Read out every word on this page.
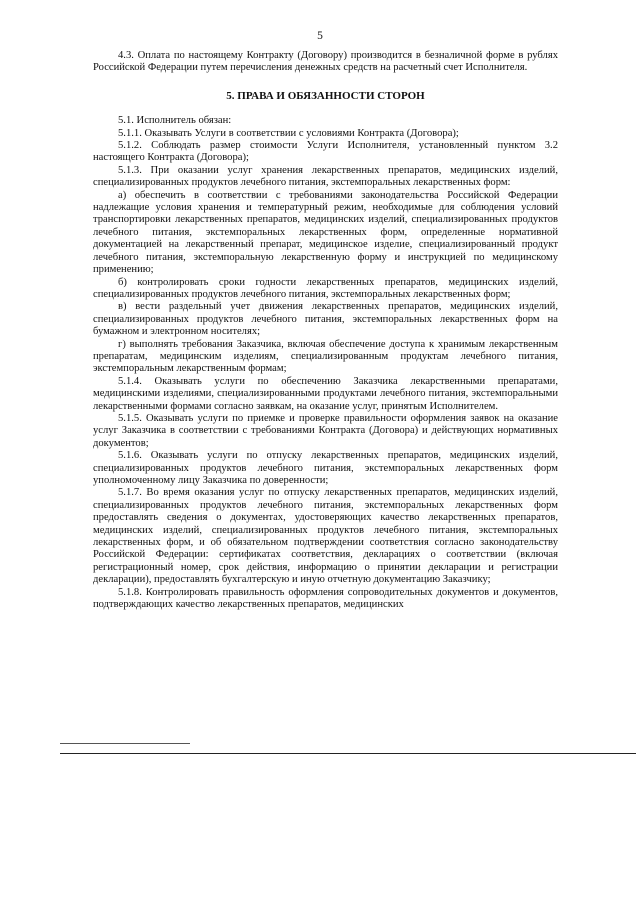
5

4.3. Оплата по настоящему Контракту (Договору) производится в безналичной форме в рублях Российской Федерации путем перечисления денежных средств на расчетный счет Исполнителя.

5. ПРАВА И ОБЯЗАННОСТИ СТОРОН

5.1. Исполнитель обязан:

5.1.1. Оказывать Услуги в соответствии с условиями Контракта (Договора);

5.1.2. Соблюдать размер стоимости Услуги Исполнителя, установленный пунктом 3.2 настоящего Контракта (Договора);

5.1.3. При оказании услуг хранения лекарственных препаратов, медицинских изделий, специализированных продуктов лечебного питания, экстемпоральных лекарственных форм:

а) обеспечить в соответствии с требованиями законодательства Российской Федерации надлежащие условия хранения и температурный режим, необходимые для соблюдения условий транспортировки лекарственных препаратов, медицинских изделий, специализированных продуктов лечебного питания, экстемпоральных лекарственных форм, определенные нормативной документацией на лекарственный препарат, медицинское изделие, специализированный продукт лечебного питания, экстемпоральную лекарственную форму и инструкцией по медицинскому применению;

б) контролировать сроки годности лекарственных препаратов, медицинских изделий, специализированных продуктов лечебного питания, экстемпоральных лекарственных форм;

в) вести раздельный учет движения лекарственных препаратов, медицинских изделий, специализированных продуктов лечебного питания, экстемпоральных лекарственных форм на бумажном и электронном носителях;

г) выполнять требования Заказчика, включая обеспечение доступа к хранимым лекарственным препаратам, медицинским изделиям, специализированным продуктам лечебного питания, экстемпоральным лекарственным формам;

5.1.4. Оказывать услуги по обеспечению Заказчика лекарственными препаратами, медицинскими изделиями, специализированными продуктами лечебного питания, экстемпоральными лекарственными формами согласно заявкам, на оказание услуг, принятым Исполнителем.

5.1.5. Оказывать услуги по приемке и проверке правильности оформления заявок на оказание услуг Заказчика в соответствии с требованиями Контракта (Договора) и действующих нормативных документов;

5.1.6. Оказывать услуги по отпуску лекарственных препаратов, медицинских изделий, специализированных продуктов лечебного питания, экстемпоральных лекарственных форм уполномоченному лицу Заказчика по доверенности;

5.1.7. Во время оказания услуг по отпуску лекарственных препаратов, медицинских изделий, специализированных продуктов лечебного питания, экстемпоральных лекарственных форм предоставлять сведения о документах, удостоверяющих качество лекарственных препаратов, медицинских изделий, специализированных продуктов лечебного питания, экстемпоральных лекарственных форм, и об обязательном подтверждении соответствия согласно законодательству Российской Федерации: сертификатах соответствия, декларациях о соответствии (включая регистрационный номер, срок действия, информацию о принятии декларации и регистрации декларации), предоставлять бухгалтерскую и иную отчетную документацию Заказчику;

5.1.8. Контролировать правильность оформления сопроводительных документов и документов, подтверждающих качество лекарственных препаратов, медицинских
